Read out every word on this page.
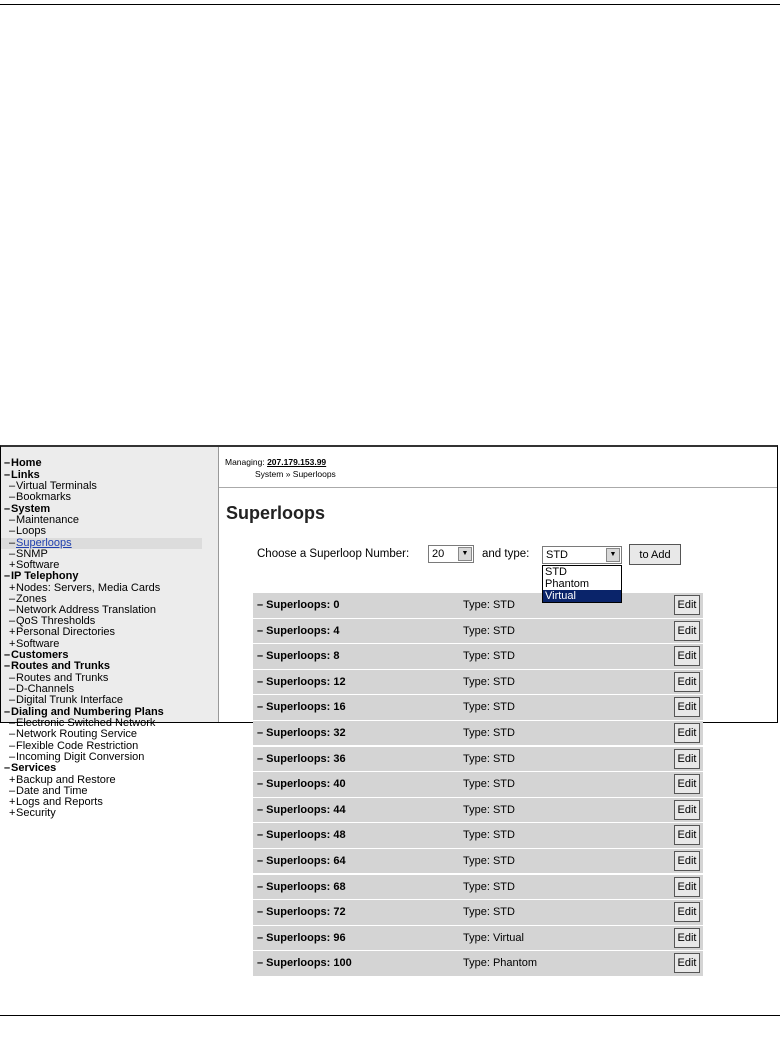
–Home
–Links
–Virtual Terminals
–Bookmarks
–System
–Maintenance
–Loops
–Superloops
–SNMP
+Software
–IP Telephony
+Nodes: Servers, Media Cards
–Zones
–Network Address Translation
–QoS Thresholds
+Personal Directories
+Software
–Customers
–Routes and Trunks
–Routes and Trunks
–D-Channels
–Digital Trunk Interface
–Dialing and Numbering Plans
–Electronic Switched Network
–Network Routing Service
–Flexible Code Restriction
–Incoming Digit Conversion
–Services
+Backup and Restore
–Date and Time
+Logs and Reports
+Security
Managing: 207.179.153.99
System » Superloops
Superloops
Choose a Superloop Number: 20	▼	and type: STD	▼	to Add
STD
Phantom
Virtual
– Superloops: 0	Type: STD	Edit
– Superloops: 4	Type: STD	Edit
– Superloops: 8	Type: STD	Edit
– Superloops: 12	Type: STD	Edit
– Superloops: 16	Type: STD	Edit
– Superloops: 32	Type: STD	Edit
– Superloops: 36	Type: STD	Edit
– Superloops: 40	Type: STD	Edit
– Superloops: 44	Type: STD	Edit
– Superloops: 48	Type: STD	Edit
– Superloops: 64	Type: STD	Edit
– Superloops: 68	Type: STD	Edit
– Superloops: 72	Type: STD	Edit
– Superloops: 96	Type: Virtual	Edit
– Superloops: 100	Type: Phantom	Edit
